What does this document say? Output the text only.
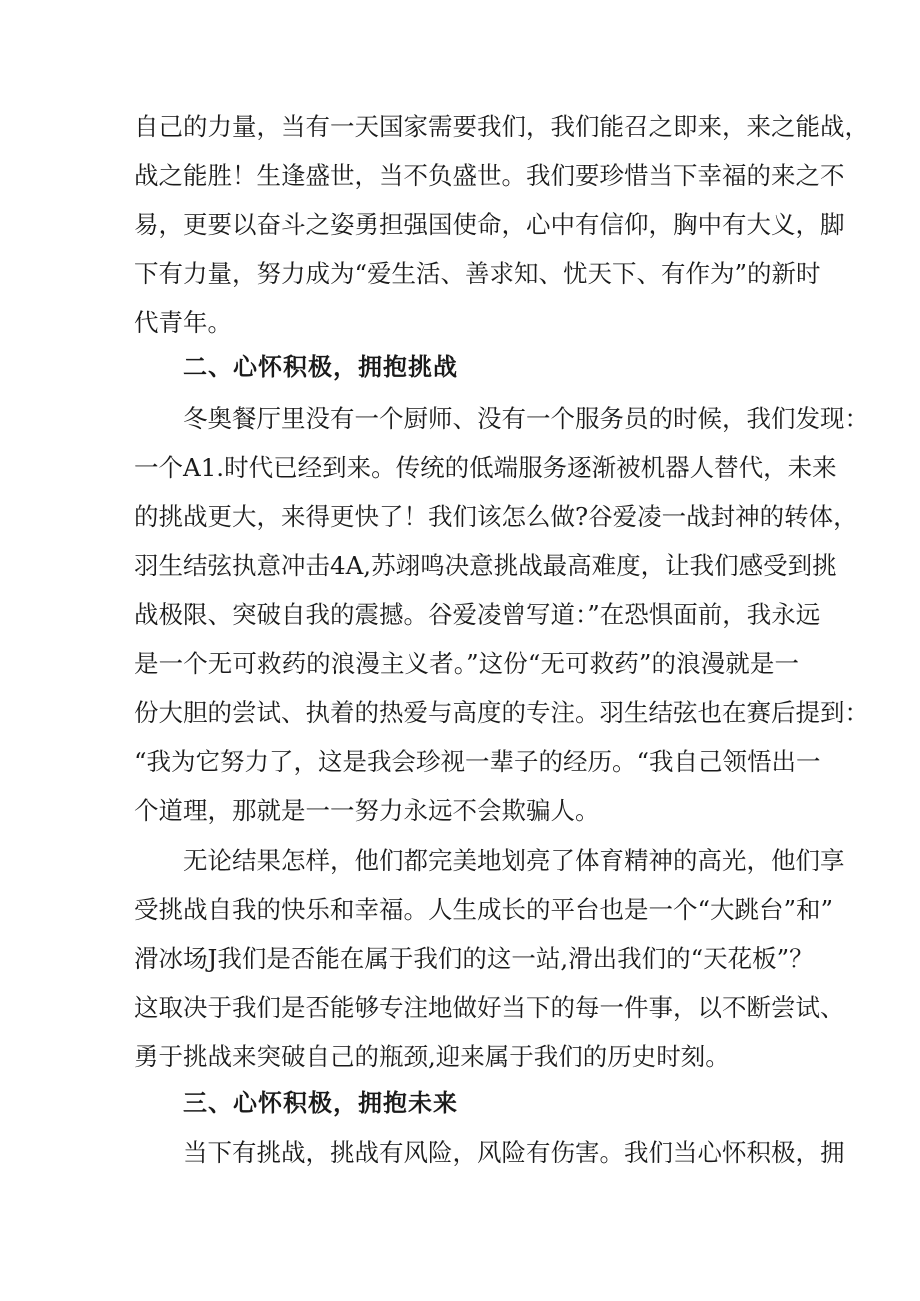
自己的力量，当有一天国家需要我们，我们能召之即来，来之能战，
战之能胜！生逢盛世，当不负盛世。我们要珍惜当下幸福的来之不
易，更要以奋斗之姿勇担强国使命，心中有信仰，胸中有大义，脚
下有力量，努力成为“爱生活、善求知、忧天下、有作为”的新时
代青年。
二、心怀积极，拥抱挑战
冬奥餐厅里没有一个厨师、没有一个服务员的时候，我们发现：
一个A1.时代已经到来。传统的低端服务逐渐被机器人替代，未来
的挑战更大，来得更快了！我们该怎么做?谷爱凌一战封神的转体，
羽生结弦执意冲击4A,苏翊鸣决意挑战最高难度，让我们感受到挑
战极限、突破自我的震撼。谷爱凌曾写道：”在恐惧面前，我永远
是一个无可救药的浪漫主义者。”这份“无可救药”的浪漫就是一
份大胆的尝试、执着的热爱与高度的专注。羽生结弦也在赛后提到：
“我为它努力了，这是我会珍视一辈子的经历。“我自己领悟出一
个道理，那就是一一努力永远不会欺骗人。
无论结果怎样，他们都完美地划亮了体育精神的高光，他们享
受挑战自我的快乐和幸福。人生成长的平台也是一个“大跳台”和”
滑冰场J我们是否能在属于我们的这一站,滑出我们的“天花板”？
这取决于我们是否能够专注地做好当下的每一件事，以不断尝试、
勇于挑战来突破自己的瓶颈,迎来属于我们的历史时刻。
三、心怀积极，拥抱未来
当下有挑战，挑战有风险，风险有伤害。我们当心怀积极，拥
